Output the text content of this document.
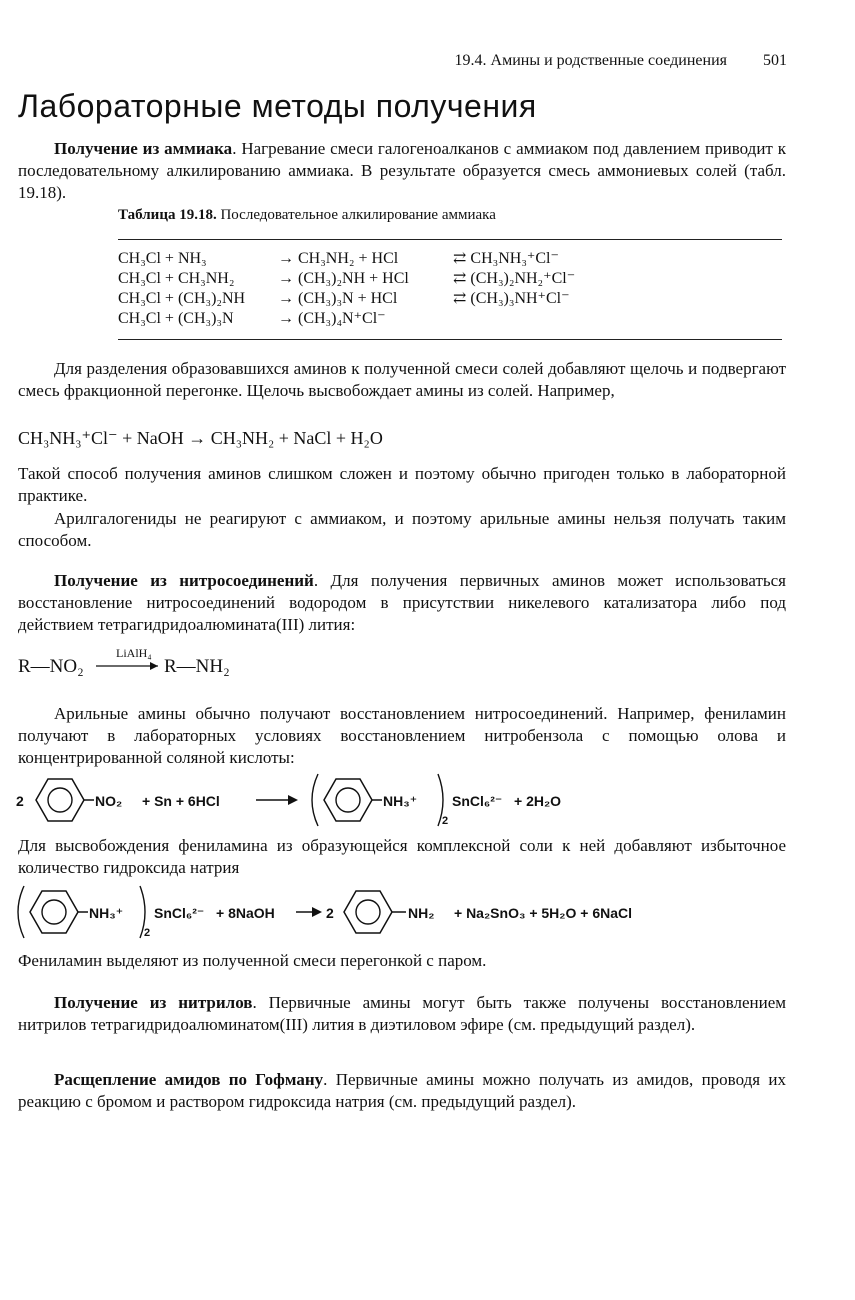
19.4. Амины и родственные соединения 501
Лабораторные методы получения

Получение из аммиака. Нагревание смеси галогеноалканов с аммиаком под давлением приводит к последовательному алкилированию аммиака. В результате образуется смесь аммониевых солей (табл. 19.18).

Таблица 19.18. Последовательное алкилирование аммиака
CH₃Cl + NH₃	→ CH₃NH₂ + HCl	⇄ CH₃NH₃⁺Cl⁻
CH₃Cl + CH₃NH₂	→ (CH₃)₂NH + HCl	⇄ (CH₃)₂NH₂⁺Cl⁻
CH₃Cl + (CH₃)₂NH → (CH₃)₃N + HCl	⇄ (CH₃)₃NH⁺Cl⁻
CH₃Cl + (CH₃)₃N	→ (CH₃)₄N⁺Cl⁻

Для разделения образовавшихся аминов к полученной смеси солей добавляют щелочь и подвергают смесь фракционной перегонке. Щелочь высвобождает амины из солей. Например,

CH₃NH₃⁺Cl⁻ + NaOH → CH₃NH₂ + NaCl + H₂O

Такой способ получения аминов слишком сложен и поэтому обычно пригоден только в лабораторной практике.

Арилгалогениды не реагируют с аммиаком, и поэтому арильные амины нельзя получать таким способом.

Получение из нитросоединений. Для получения первичных аминов может использоваться восстановление нитросоединений водородом в присутствии никелевого катализатора либо под действием тетрагидридоалюмината(III) лития:

R—NO₂
LiAlH₄
R—NH₂

Арильные амины обычно получают восстановлением нитросоединений. Например, фениламин получают в лабораторных условиях восстановлением нитробензола с помощью олова и концентрированной соляной кислоты:

2	NO₂ + Sn + 6HCl	NH₃⁺
2
SnCl₆²⁻ + 2H₂O

Для высвобождения фениламина из образующейся комплексной соли к ней добавляют избыточное количество гидроксида натрия

NH₃⁺
2
SnCl₆²⁻ + 8NaOH	2	NH₂ + Na₂SnO₃ + 5H₂O + 6NaCl

Фениламин выделяют из полученной смеси перегонкой с паром.

Получение из нитрилов. Первичные амины могут быть также получены восстановлением нитрилов тетрагидридоалюминатом(III) лития в диэтиловом эфире (см. предыдущий раздел).

Расщепление амидов по Гофману. Первичные амины можно получать из амидов, проводя их реакцию с бромом и раствором гидроксида натрия (см. предыдущий раздел).
